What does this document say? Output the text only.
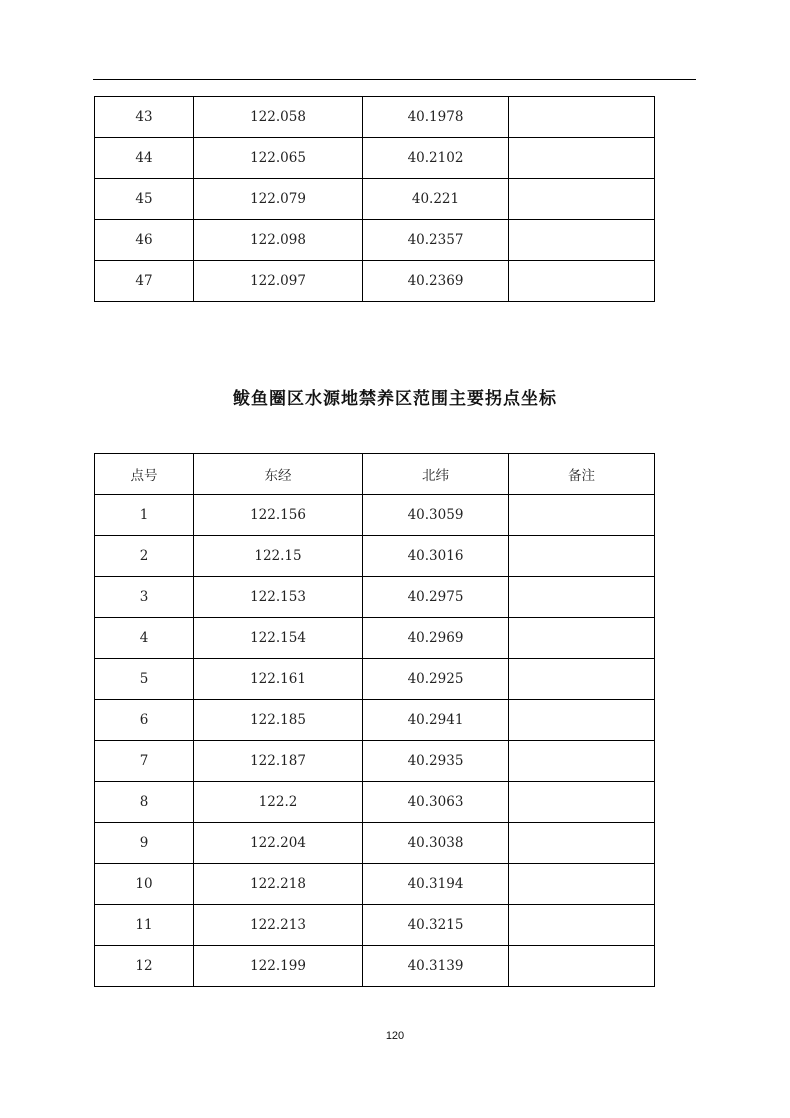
43	122.058	40.1978	
44	122.065	40.2102	
45	122.079	40.221	
46	122.098	40.2357	
47	122.097	40.2369	
鲅鱼圈区水源地禁养区范围主要拐点坐标
点号	东经	北纬	备注
1	122.156	40.3059	
2	122.15	40.3016	
3	122.153	40.2975	
4	122.154	40.2969	
5	122.161	40.2925	
6	122.185	40.2941	
7	122.187	40.2935	
8	122.2	40.3063	
9	122.204	40.3038	
10	122.218	40.3194	
11	122.213	40.3215	
12	122.199	40.3139	
120
